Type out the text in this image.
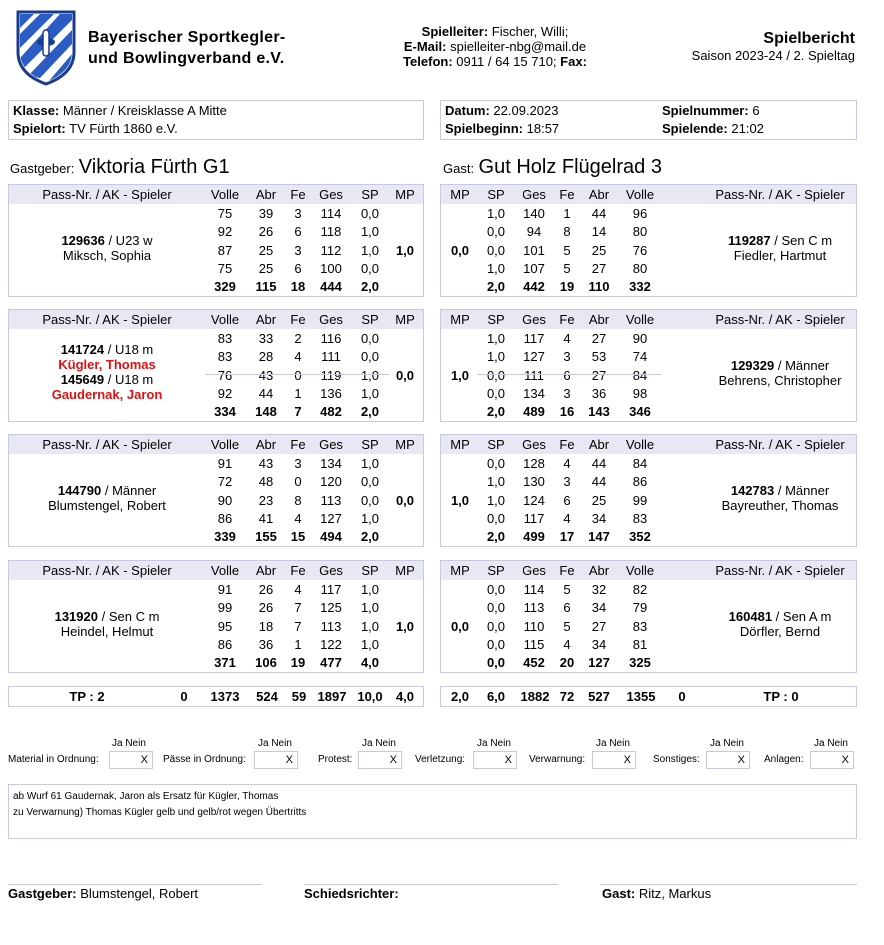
Bayerischer Sportkegler-
und Bowlingverband e.V.
Spielleiter: Fischer, Willi;
E-Mail: spielleiter-nbg@mail.de
Telefon: 0911 / 64 15 710; Fax:
Spielbericht
Saison 2023-24 / 2. Spieltag
Klasse: Männer / Kreisklasse A Mitte
Spielort: TV Fürth 1860 e.V.
Datum: 22.09.2023
Spielbeginn: 18:57
Spielnummer: 6
Spielende: 21:02
Gastgeber: Viktoria Fürth G1	Gast: Gut Holz Flügelrad 3
Pass-Nr. / AK - Spieler	Volle	Abr	Fe	Ges	SP	MP
75	39	3	114	0,0
92	26	6	118	1,0
87	25	3	112	1,0
75	25	6	100	0,0
329	115	18	444	2,0
1,0
129636 / U23 w
Miksch, Sophia
MP	SP	Ges	Fe	Abr	Volle	Pass-Nr. / AK - Spieler
1,0	140	1	44	96
0,0	94	8	14	80
0,0	101	5	25	76
1,0	107	5	27	80
2,0	442	19	110	332
0,0
119287 / Sen C m
Fiedler, Hartmut
Pass-Nr. / AK - Spieler	Volle	Abr	Fe	Ges	SP	MP
83	33	2	116	0,0
83	28	4	111	0,0
76	43	0	119	1,0
92	44	1	136	1,0
334	148	7	482	2,0
0,0
141724 / U18 m
Kügler, Thomas
145649 / U18 m
Gaudernak, Jaron
MP	SP	Ges	Fe	Abr	Volle	Pass-Nr. / AK - Spieler
1,0	117	4	27	90
1,0	127	3	53	74
0,0	111	6	27	84
0,0	134	3	36	98
2,0	489	16	143	346
1,0
129329 / Männer
Behrens, Christopher
Pass-Nr. / AK - Spieler	Volle	Abr	Fe	Ges	SP	MP
91	43	3	134	1,0
72	48	0	120	0,0
90	23	8	113	0,0
86	41	4	127	1,0
339	155	15	494	2,0
0,0
144790 / Männer
Blumstengel, Robert
MP	SP	Ges	Fe	Abr	Volle	Pass-Nr. / AK - Spieler
0,0	128	4	44	84
1,0	130	3	44	86
1,0	124	6	25	99
0,0	117	4	34	83
2,0	499	17	147	352
1,0
142783 / Männer
Bayreuther, Thomas
Pass-Nr. / AK - Spieler	Volle	Abr	Fe	Ges	SP	MP
91	26	4	117	1,0
99	26	7	125	1,0
95	18	7	113	1,0
86	36	1	122	1,0
371	106	19	477	4,0
1,0
131920 / Sen C m
Heindel, Helmut
MP	SP	Ges	Fe	Abr	Volle	Pass-Nr. / AK - Spieler
0,0	114	5	32	82
0,0	113	6	34	79
0,0	110	5	27	83
0,0	115	4	34	81
0,0	452	20	127	325
0,0
160481 / Sen A m
Dörfler, Bernd
TP : 2	0	1373	524	59 1897 10,0	4,0	2,0	6,0	1882 72	527	1355	0	TP : 0
Ja Nein
Material in Ordnung:	X
Ja Nein
Pässe in Ordnung:	X
Ja Nein
Protest:	X
Ja Nein
Verletzung:	X
Ja Nein
Verwarnung:	X
Ja Nein
Sonstiges:	X
Ja Nein
Anlagen:	X
ab Wurf 61 Gaudernak, Jaron als Ersatz für Kügler, Thomas
zu Verwarnung) Thomas Kügler gelb und gelb/rot wegen Übertritts
Gastgeber: Blumstengel, Robert	Schiedsrichter:	Gast: Ritz, Markus
